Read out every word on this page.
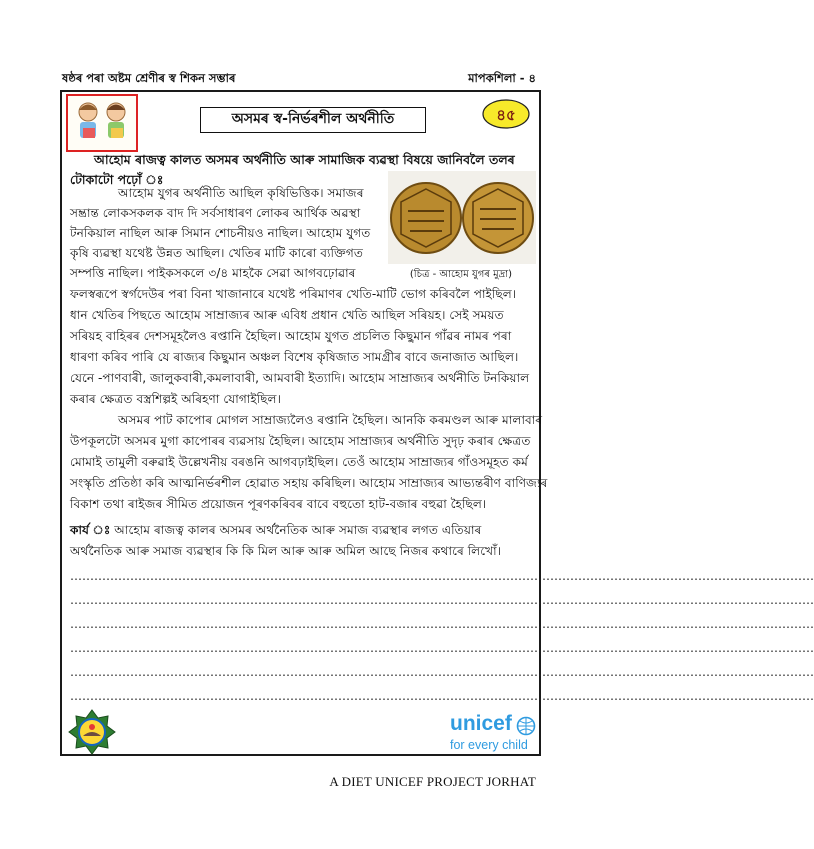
ষষ্ঠৰ পৰা অষ্টম শ্ৰেণীৰ স্ব শিকন সম্ভাৰ	মাপকশিলা - ৪
অসমৰ স্ব-নিৰ্ভৰশীল অৰ্থনীতি	৪৫
আহোম ৰাজত্ব কালত অসমৰ অৰ্থনীতি আৰু সামাজিক ব্যৱস্থা বিষয়ে জানিবলৈ তলৰ
টোকাটো পঢ়োঁ ঃ
(চিত্ৰ - আহোম যুগৰ মুদ্ৰা)
আহোম যুগৰ অৰ্থনীতি আছিল কৃষিভিত্তিক। সমাজৰ
সম্ভ্ৰান্ত লোকসকলক বাদ দি সৰ্বসাধাৰণ লোকৰ আৰ্থিক অৱস্থা
টনকিয়াল নাছিল আৰু সিমান শোচনীয়ও নাছিল। আহোম যুগত
কৃষি ব্যৱস্থা যথেষ্ট উন্নত আছিল। খেতিৰ মাটি কাৰো ব্যক্তিগত
সম্পত্তি নাছিল। পাইকসকলে ৩/৪ মাহকৈ সেৱা আগবঢ়োৱাৰ
ফলস্বৰূপে স্বৰ্গদেউৰ পৰা বিনা খাজানাৰে যথেষ্ট পৰিমাণৰ খেতি-মাটি ভোগ কৰিবলৈ পাইছিল।
ধান খেতিৰ পিছতে আহোম সাম্ৰাজ্যৰ আৰু এবিধ প্ৰধান খেতি আছিল সৰিয়হ। সেই সময়ত
সৰিয়হ বাহিৰৰ দেশসমূহলৈও ৰপ্তানি হৈছিল। আহোম যুগত প্ৰচলিত কিছুমান গাঁৱৰ নামৰ পৰা
ধাৰণা কৰিব পাৰি যে ৰাজ্যৰ কিছুমান অঞ্চল বিশেষ কৃষিজাত সামগ্ৰীৰ বাবে জনাজাত আছিল।
যেনে -পাণবাৰী, জালুকবাৰী,কমলাবাৰী, আমবাৰী ইত্যাদি। আহোম সাম্ৰাজ্যৰ অৰ্থনীতি টনকিয়াল
কৰাৰ ক্ষেত্ৰত বস্ত্ৰশিল্পই অৰিহণা যোগাইছিল।
অসমৰ পাট কাপোৰ মোগল সাম্ৰাজ্যলৈও ৰপ্তানি হৈছিল। আনকি কৰমণ্ডল আৰু মালাবাৰ
উপকূলটো অসমৰ মুগা কাপোৰৰ ব্যৱসায় হৈছিল। আহোম সাম্ৰাজ্যৰ অৰ্থনীতি সুদৃঢ় কৰাৰ ক্ষেত্ৰত
মোমাই তামুলী বৰুৱাই উল্লেখনীয় বৰঙনি আগবঢ়াইছিল। তেওঁ আহোম সাম্ৰাজ্যৰ গাঁওসমূহত কৰ্ম
সংস্কৃতি প্ৰতিষ্ঠা কৰি আত্মনিৰ্ভৰশীল হোৱাত সহায় কৰিছিল। আহোম সাম্ৰাজ্যৰ আভ্যন্তৰীণ বাণিজ্যৰ
বিকাশ তথা ৰাইজৰ সীমিত প্ৰয়োজন পূৰণকৰিবৰ বাবে বহুতো হাট-বজাৰ বহুৱা হৈছিল।
কাৰ্য ঃ আহোম ৰাজত্ব কালৰ অসমৰ অৰ্থনৈতিক আৰু সমাজ ব্যৱস্থাৰ লগত এতিয়াৰ
অৰ্থনৈতিক আৰু সমাজ ব্যৱস্থাৰ কি কি মিল আৰু আৰু অমিল আছে নিজৰ কথাৰে লিখোঁ।
……………………………………………………………………………………………………………………………………………………………………
……………………………………………………………………………………………………………………………………………………………………
……………………………………………………………………………………………………………………………………………………………………
……………………………………………………………………………………………………………………………………………………………………
……………………………………………………………………………………………………………………………………………………………………
……………………………………………………………………………………………………………………………………………………………………
unicef
for every child
A DIET UNICEF PROJECT JORHAT
